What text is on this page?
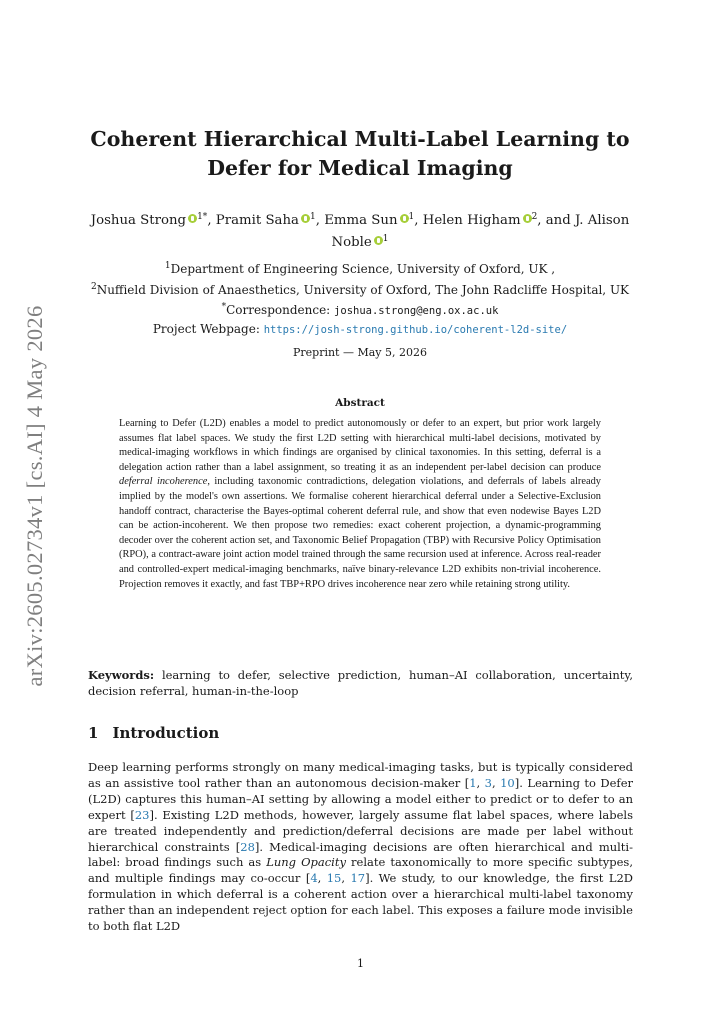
arXiv:2605.02734v1 [cs.AI] 4 May 2026
Coherent Hierarchical Multi-Label Learning to Defer for Medical Imaging
Joshua Strong $^{1*}$, Pramit Saha $^1$, Emma Sun $^1$, Helen Higham $^2$, and J. Alison Noble $^1$
$^1$Department of Engineering Science, University of Oxford, UK ,
$^2$Nuffield Division of Anaesthetics, University of Oxford, The John Radcliffe Hospital, UK
*Correspondence: joshua.strong@eng.ox.ac.uk
Project Webpage: https://josh-strong.github.io/coherent-l2d-site/
Preprint — May 5, 2026
Abstract

Learning to Defer (L2D) enables a model to predict autonomously or defer to an expert, but prior work largely assumes flat label spaces. We study the first L2D setting with hierarchical multi-label decisions, motivated by medical-imaging workflows in which findings are organised by clinical taxonomies. In this setting, deferral is a delegation action rather than a label assignment, so treating it as an independent per-label decision can produce deferral incoherence, including taxonomic contradictions, delegation violations, and deferrals of labels already implied by the model's own assertions. We formalise coherent hierarchical deferral under a Selective-Exclusion handoff contract, characterise the Bayes-optimal coherent deferral rule, and show that even nodewise Bayes L2D can be action-incoherent. We then propose two remedies: exact coherent projection, a dynamic-programming decoder over the coherent action set, and Taxonomic Belief Propagation (TBP) with Recursive Policy Optimisation (RPO), a contract-aware joint action model trained through the same recursion used at inference. Across real-reader and controlled-expert medical-imaging benchmarks, naïve binary-relevance L2D exhibits non-trivial incoherence. Projection removes it exactly, and fast TBP+RPO drives incoherence near zero while retaining strong utility.

Keywords: learning to defer, selective prediction, human–AI collaboration, uncertainty, decision referral, human-in-the-loop

1 Introduction

Deep learning performs strongly on many medical-imaging tasks, but is typically considered as an assistive tool rather than an autonomous decision-maker [1, 3, 10]. Learning to Defer (L2D) captures this human–AI setting by allowing a model either to predict or to defer to an expert [23]. Existing L2D methods, however, largely assume flat label spaces, where labels are treated independently and prediction/deferral decisions are made per label without hierarchical constraints [28]. Medical-imaging decisions are often hierarchical and multi-label: broad findings such as Lung Opacity relate taxonomically to more specific subtypes, and multiple findings may co-occur [4, 15, 17]. We study, to our knowledge, the first L2D formulation in which deferral is a coherent action over a hierarchical multi-label taxonomy rather than an independent reject option for each label. This exposes a failure mode invisible to both flat L2D

1
